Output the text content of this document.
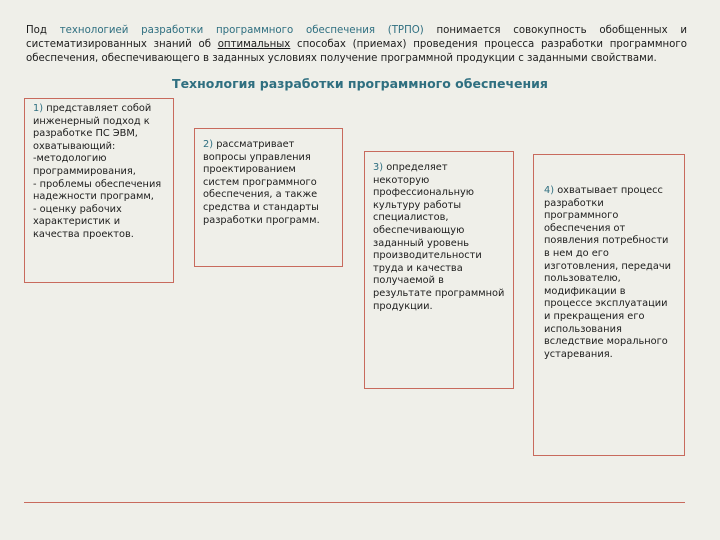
Под технологией разработки программного обеспечения (ТРПО) понимается совокупность обобщенных и систематизированных знаний об оптимальных способах (приемах) проведения процесса разработки программного обеспечения, обеспечивающего в заданных условиях получение программной продукции с заданными свойствами.

Технология разработки программного обеспечения
1) представляет собой инженерный подход к разработке ПС ЭВМ, охватывающий:
-методологию программирования,
- проблемы обеспечения надежности программ,
- оценку рабочих характеристик и качества проектов.
2) рассматривает вопросы управления проектированием систем программного обеспечения, а также средства и стандарты разработки программ.
3) определяет некоторую профессиональную культуру работы специалистов, обеспечивающую заданный уровень производительности труда и качества получаемой в результате программной продукции.
4) охватывает процесс разработки программного обеспечения от появления потребности в нем до его изготовления, передачи пользователю, модификации в процессе эксплуатации и прекращения его использования вследствие морального устаревания.
